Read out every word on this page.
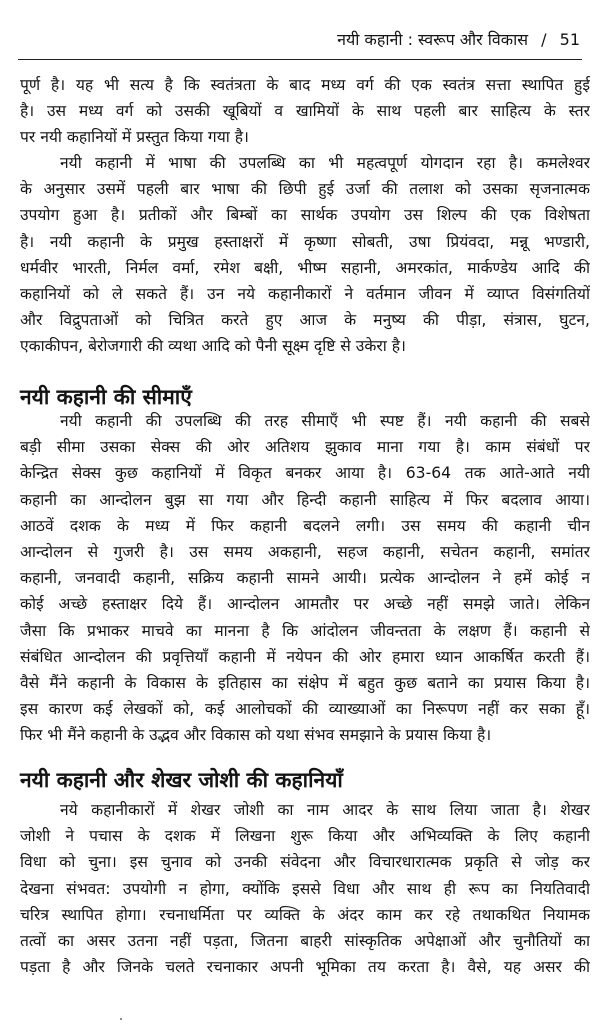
नयी कहानी : स्वरूप और विकास / 51
पूर्ण है। यह भी सत्य है कि स्वतंत्रता के बाद मध्य वर्ग की एक स्वतंत्र सत्ता स्थापित हुई
है। उस मध्य वर्ग को उसकी खूबियों व खामियों के साथ पहली बार साहित्य के स्तर
पर नयी कहानियों में प्रस्तुत किया गया है।
नयी कहानी में भाषा की उपलब्धि का भी महत्वपूर्ण योगदान रहा है। कमलेश्वर
के अनुसार उसमें पहली बार भाषा की छिपी हुई उर्जा की तलाश को उसका सृजनात्मक
उपयोग हुआ है। प्रतीकों और बिम्बों का सार्थक उपयोग उस शिल्प की एक विशेषता
है। नयी कहानी के प्रमुख हस्ताक्षरों में कृष्णा सोबती, उषा प्रियंवदा, मन्नू भण्डारी,
धर्मवीर भारती, निर्मल वर्मा, रमेश बक्षी, भीष्म सहानी, अमरकांत, मार्कण्डेय आदि की
कहानियों को ले सकते हैं। उन नये कहानीकारों ने वर्तमान जीवन में व्याप्त विसंगतियों
और विद्रुपताओं को चित्रित करते हुए आज के मनुष्य की पीड़ा, संत्रास, घुटन,
एकाकीपन, बेरोजगारी की व्यथा आदि को पैनी सूक्ष्म दृष्टि से उकेरा है।
नयी कहानी की सीमाएँ
नयी कहानी की उपलब्धि की तरह सीमाएँ भी स्पष्ट हैं। नयी कहानी की सबसे
बड़ी सीमा उसका सेक्स की ओर अतिशय झुकाव माना गया है। काम संबंधों पर
केन्द्रित सेक्स कुछ कहानियों में विकृत बनकर आया है। 63-64 तक आते-आते नयी
कहानी का आन्दोलन बुझ सा गया और हिन्दी कहानी साहित्य में फिर बदलाव आया।
आठवें दशक के मध्य में फिर कहानी बदलने लगी। उस समय की कहानी चीन
आन्दोलन से गुजरी है। उस समय अकहानी, सहज कहानी, सचेतन कहानी, समांतर
कहानी, जनवादी कहानी, सक्रिय कहानी सामने आयी। प्रत्येक आन्दोलन ने हमें कोई न
कोई अच्छे हस्ताक्षर दिये हैं। आन्दोलन आमतौर पर अच्छे नहीं समझे जाते। लेकिन
जैसा कि प्रभाकर माचवे का मानना है कि आंदोलन जीवन्तता के लक्षण हैं। कहानी से
संबंधित आन्दोलन की प्रवृत्तियाँ कहानी में नयेपन की ओर हमारा ध्यान आकर्षित करती हैं।
वैसे मैंने कहानी के विकास के इतिहास का संक्षेप में बहुत कुछ बताने का प्रयास किया है।
इस कारण कई लेखकों को, कई आलोचकों की व्याख्याओं का निरूपण नहीं कर सका हूँ।
फिर भी मैंने कहानी के उद्भव और विकास को यथा संभव समझाने के प्रयास किया है।
नयी कहानी और शेखर जोशी की कहानियाँ
नये कहानीकारों में शेखर जोशी का नाम आदर के साथ लिया जाता है। शेखर
जोशी ने पचास के दशक में लिखना शुरू किया और अभिव्यक्ति के लिए कहानी
विधा को चुना। इस चुनाव को उनकी संवेदना और विचारधारात्मक प्रकृति से जोड़ कर
देखना संभवत: उपयोगी न होगा, क्योंकि इससे विधा और साथ ही रूप का नियतिवादी
चरित्र स्थापित होगा। रचनाधर्मिता पर व्यक्ति के अंदर काम कर रहे तथाकथित नियामक
तत्वों का असर उतना नहीं पड़ता, जितना बाहरी सांस्कृतिक अपेक्षाओं और चुनौतियों का
पड़ता है और जिनके चलते रचनाकार अपनी भूमिका तय करता है। वैसे, यह असर की
